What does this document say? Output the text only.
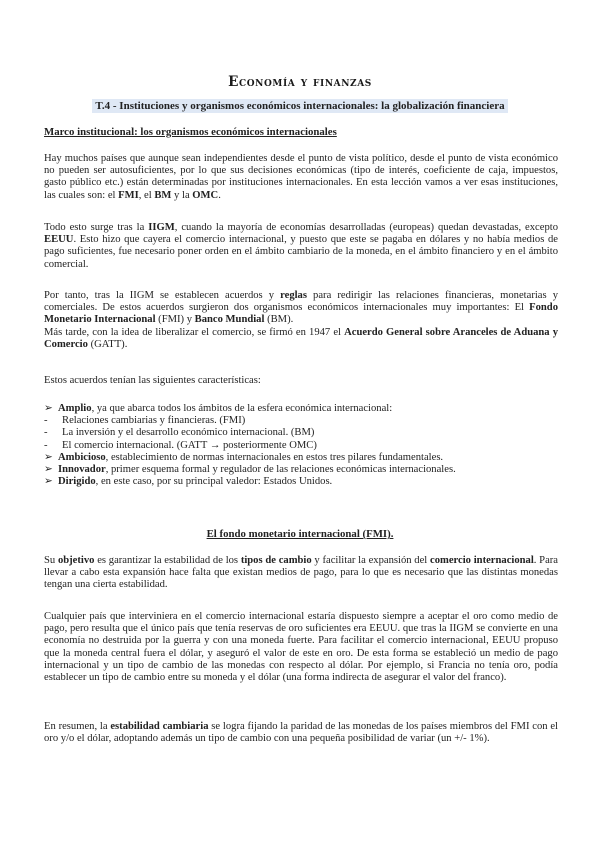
Economía y finanzas
T.4 - Instituciones y organismos económicos internacionales: la globalización financiera
Marco institucional: los organismos económicos internacionales

Hay muchos países que aunque sean independientes desde el punto de vista político, desde el punto de vista económico no pueden ser autosuficientes, por lo que sus decisiones económicas (tipo de interés, coeficiente de caja, impuestos, gasto público etc.) están determinadas por instituciones internacionales. En esta lección vamos a ver esas instituciones, las cuales son: el FMI, el BM y la OMC.

Todo esto surge tras la IIGM, cuando la mayoría de economías desarrolladas (europeas) quedan devastadas, excepto EEUU. Esto hizo que cayera el comercio internacional, y puesto que este se pagaba en dólares y no había medios de pago suficientes, fue necesario poner orden en el ámbito cambiario de la moneda, en el ámbito financiero y en el ámbito comercial.

Por tanto, tras la IIGM se establecen acuerdos y reglas para redirigir las relaciones financieras, monetarias y comerciales. De estos acuerdos surgieron dos organismos económicos internacionales muy importantes: El Fondo Monetario Internacional (FMI) y Banco Mundial (BM).
Más tarde, con la idea de liberalizar el comercio, se firmó en 1947 el Acuerdo General sobre Aranceles de Aduana y Comercio (GATT).

Estos acuerdos tenían las siguientes características:

➢ Amplio, ya que abarca todos los ámbitos de la esfera económica internacional:
- Relaciones cambiarias y financieras. (FMI)
- La inversión y el desarrollo económico internacional. (BM)
- El comercio internacional. (GATT → posteriormente OMC)
➢ Ambicioso, establecimiento de normas internacionales en estos tres pilares fundamentales.
➢ Innovador, primer esquema formal y regulador de las relaciones económicas internacionales.
➢ Dirigido, en este caso, por su principal valedor: Estados Unidos.
El fondo monetario internacional (FMI).

Su objetivo es garantizar la estabilidad de los tipos de cambio y facilitar la expansión del comercio internacional. Para llevar a cabo esta expansión hace falta que existan medios de pago, para lo que es necesario que las distintas monedas tengan una cierta estabilidad.

Cualquier país que interviniera en el comercio internacional estaría dispuesto siempre a aceptar el oro como medio de pago, pero resulta que el único país que tenía reservas de oro suficientes era EEUU. que tras la IIGM se convierte en una economía no destruida por la guerra y con una moneda fuerte. Para facilitar el comercio internacional, EEUU propuso que la moneda central fuera el dólar, y aseguró el valor de este en oro. De esta forma se estableció un medio de pago internacional y un tipo de cambio de las monedas con respecto al dólar. Por ejemplo, si Francia no tenía oro, podía establecer un tipo de cambio entre su moneda y el dólar (una forma indirecta de asegurar el valor del franco).

En resumen, la estabilidad cambiaria se logra fijando la paridad de las monedas de los países miembros del FMI con el oro y/o el dólar, adoptando además un tipo de cambio con una pequeña posibilidad de variar (un +/- 1%).
